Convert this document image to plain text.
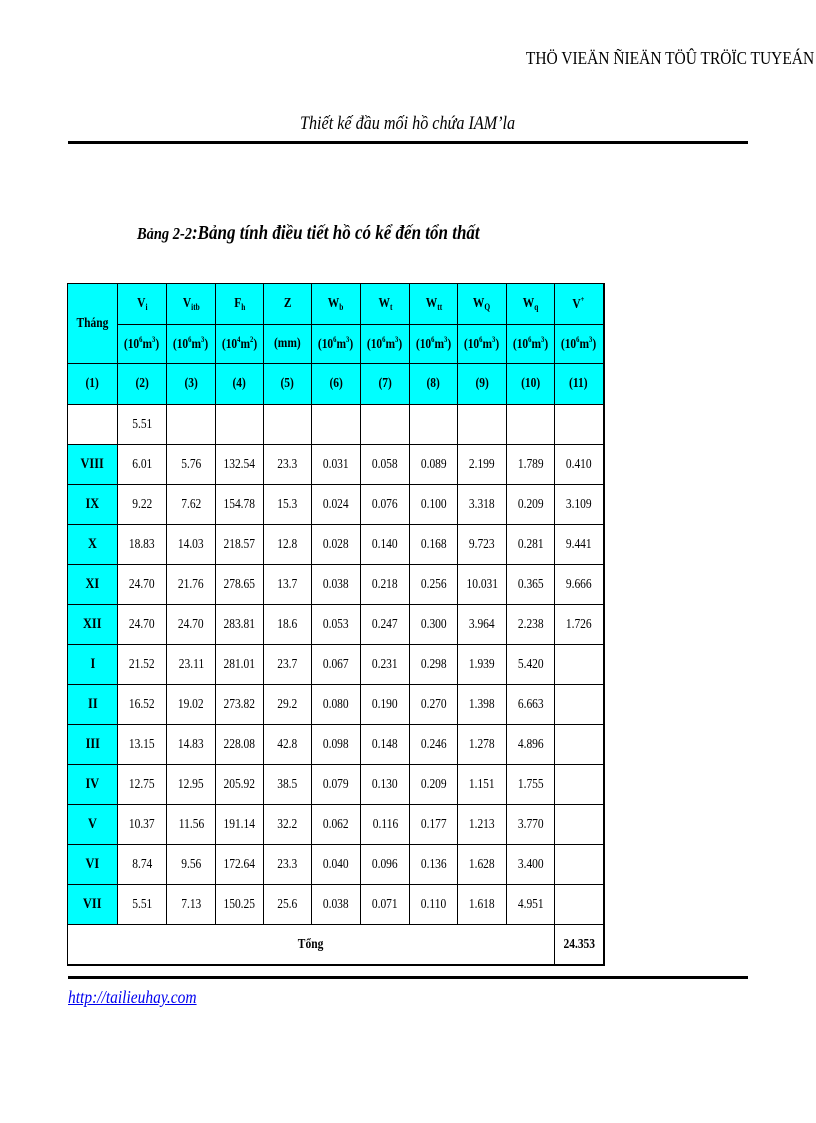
THÖ VIEÄN ÑIEÄN TÖÛ TRÖÏC TUYEÁN
Thiết kế đầu mối hồ chứa IAM’la
Bảng 2-2:Bảng tính điều tiết hồ có kể đến tổn thất
Tháng	$V_i$	$V_{itb}$	$F_h$	Z	$W_b$	$W_t$	$W_{tt}$	$W_Q$	$W_q$	V+
	$(10^6m^3)$	$(10^6m^3)$	$(10^4m^2)$	(mm)	$(10^6m^3)$	$(10^6m^3)$	$(10^6m^3)$	$(10^6m^3)$	$(10^6m^3)$	$(10^6m^3)$
(1)	(2)	(3)	(4)	(5)	(6)	(7)	(8)	(9)	(10)	(11)
	5.51									
VIII	6.01	5.76	132.54	23.3	0.031	0.058	0.089	2.199	1.789	0.410
IX	9.22	7.62	154.78	15.3	0.024	0.076	0.100	3.318	0.209	3.109
X	18.83	14.03	218.57	12.8	0.028	0.140	0.168	9.723	0.281	9.441
XI	24.70	21.76	278.65	13.7	0.038	0.218	0.256	10.031	0.365	9.666
XII	24.70	24.70	283.81	18.6	0.053	0.247	0.300	3.964	2.238	1.726
I	21.52	23.11	281.01	23.7	0.067	0.231	0.298	1.939	5.420	
II	16.52	19.02	273.82	29.2	0.080	0.190	0.270	1.398	6.663	
III	13.15	14.83	228.08	42.8	0.098	0.148	0.246	1.278	4.896	
IV	12.75	12.95	205.92	38.5	0.079	0.130	0.209	1.151	1.755	
V	10.37	11.56	191.14	32.2	0.062	0.116	0.177	1.213	3.770	
VI	8.74	9.56	172.64	23.3	0.040	0.096	0.136	1.628	3.400	
VII	5.51	7.13	150.25	25.6	0.038	0.071	0.110	1.618	4.951	
Tổng										24.353
http://tailieuhay.com
